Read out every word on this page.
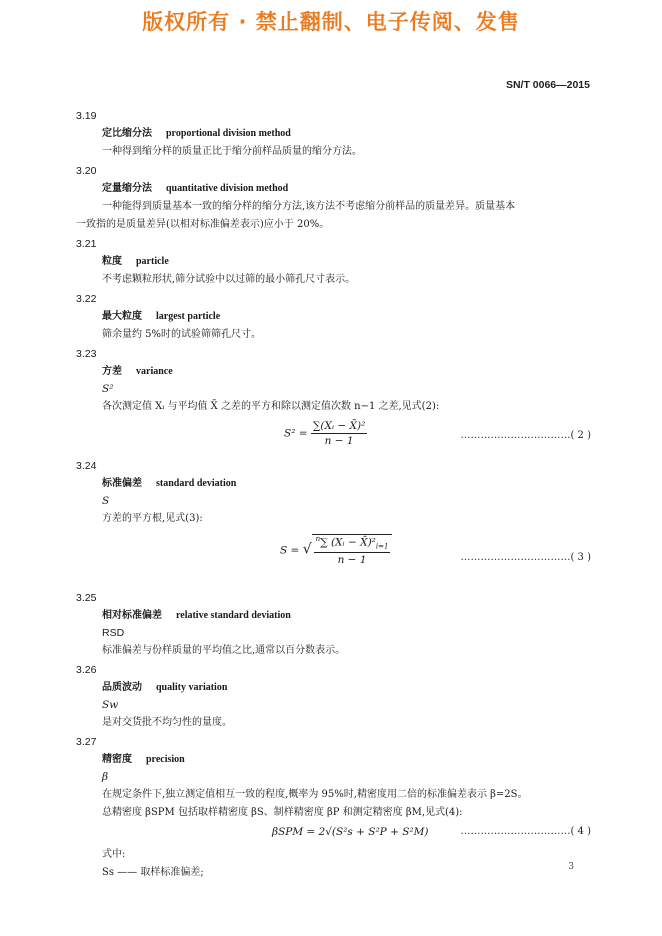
版权所有 · 禁止翻制、电子传阅、发售
SN/T 0066—2015
3.19
定比缩分法 proportional division method
一种得到缩分样的质量正比于缩分前样品质量的缩分方法。
3.20
定量缩分法 quantitative division method
一种能得到质量基本一致的缩分样的缩分方法,该方法不考虑缩分前样品的质量差异。质量基本
一致指的是质量差异(以相对标准偏差表示)应小于 20%。
3.21
粒度 particle
不考虑颗粒形状,筛分试验中以过筛的最小筛孔尺寸表示。
3.22
最大粒度 largest particle
筛余量约 5%时的试验筛筛孔尺寸。
3.23
方差 variance
S²
各次测定值 Xᵢ 与平均值 X̄ 之差的平方和除以测定值次数 n−1 之差,见式(2):
$S^2 = \frac{\text{∑(Xᵢ − X̄)²}}{n - 1}$	……………………………( 2 )
3.24
标准偏差 standard deviation
S
方差的平方根,见式(3):
S = √ $\frac{^n\sum (Xᵢ - X̄)^2_{i=1}}{n - 1}$	……………………………( 3 )
3.25
相对标准偏差 relative standard deviation
RSD
标准偏差与份样质量的平均值之比,通常以百分数表示。
3.26
品质波动 quality variation
Sw
是对交货批不均匀性的量度。
3.27
精密度 precision
β
在规定条件下,独立测定值相互一致的程度,概率为 95%时,精密度用二倍的标准偏差表示 β=2S。
总精密度 βSPM 包括取样精密度 βS、制样精密度 βP 和测定精密度 βM,见式(4):
βSPM = 2√(S²s + S²P + S²M)	……………………………( 4 )
式中:
Ss —— 取样标准偏差;	3
